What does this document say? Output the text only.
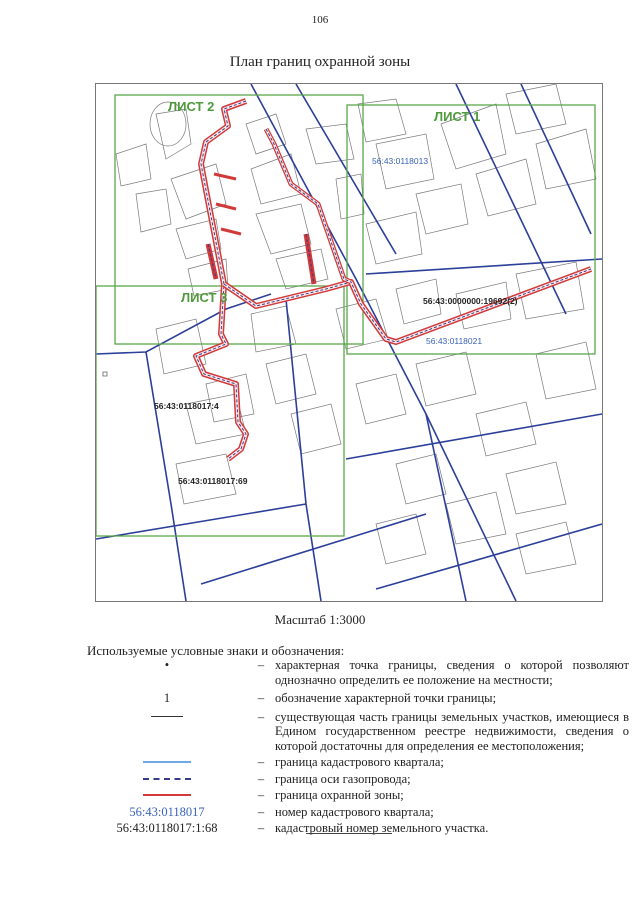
106
План границ охранной зоны
ЛИСТ 2
ЛИСТ 1
ЛИСТ 3
56:43:0118013
56:43:0118021
56:43:0000000:19692(2)
56:43:0118017:4
56:43:0118017:69
Масштаб 1:3000
Используемые условные знаки и обозначения:
•	– характерная точка границы, сведения о которой позволяют однозначно определить ее положение на местности;
1	– обозначение характерной точки границы;
– существующая часть границы земельных участков, имеющиеся в Едином государственном реестре недвижимости, сведения о которой достаточны для определения ее местоположения;
– граница кадастрового квартала;
– граница оси газопровода;
– граница охранной зоны;
56:43:0118017	– номер кадастрового квартала;
56:43:0118017:1:68	– кадастровый номер земельного участка.
